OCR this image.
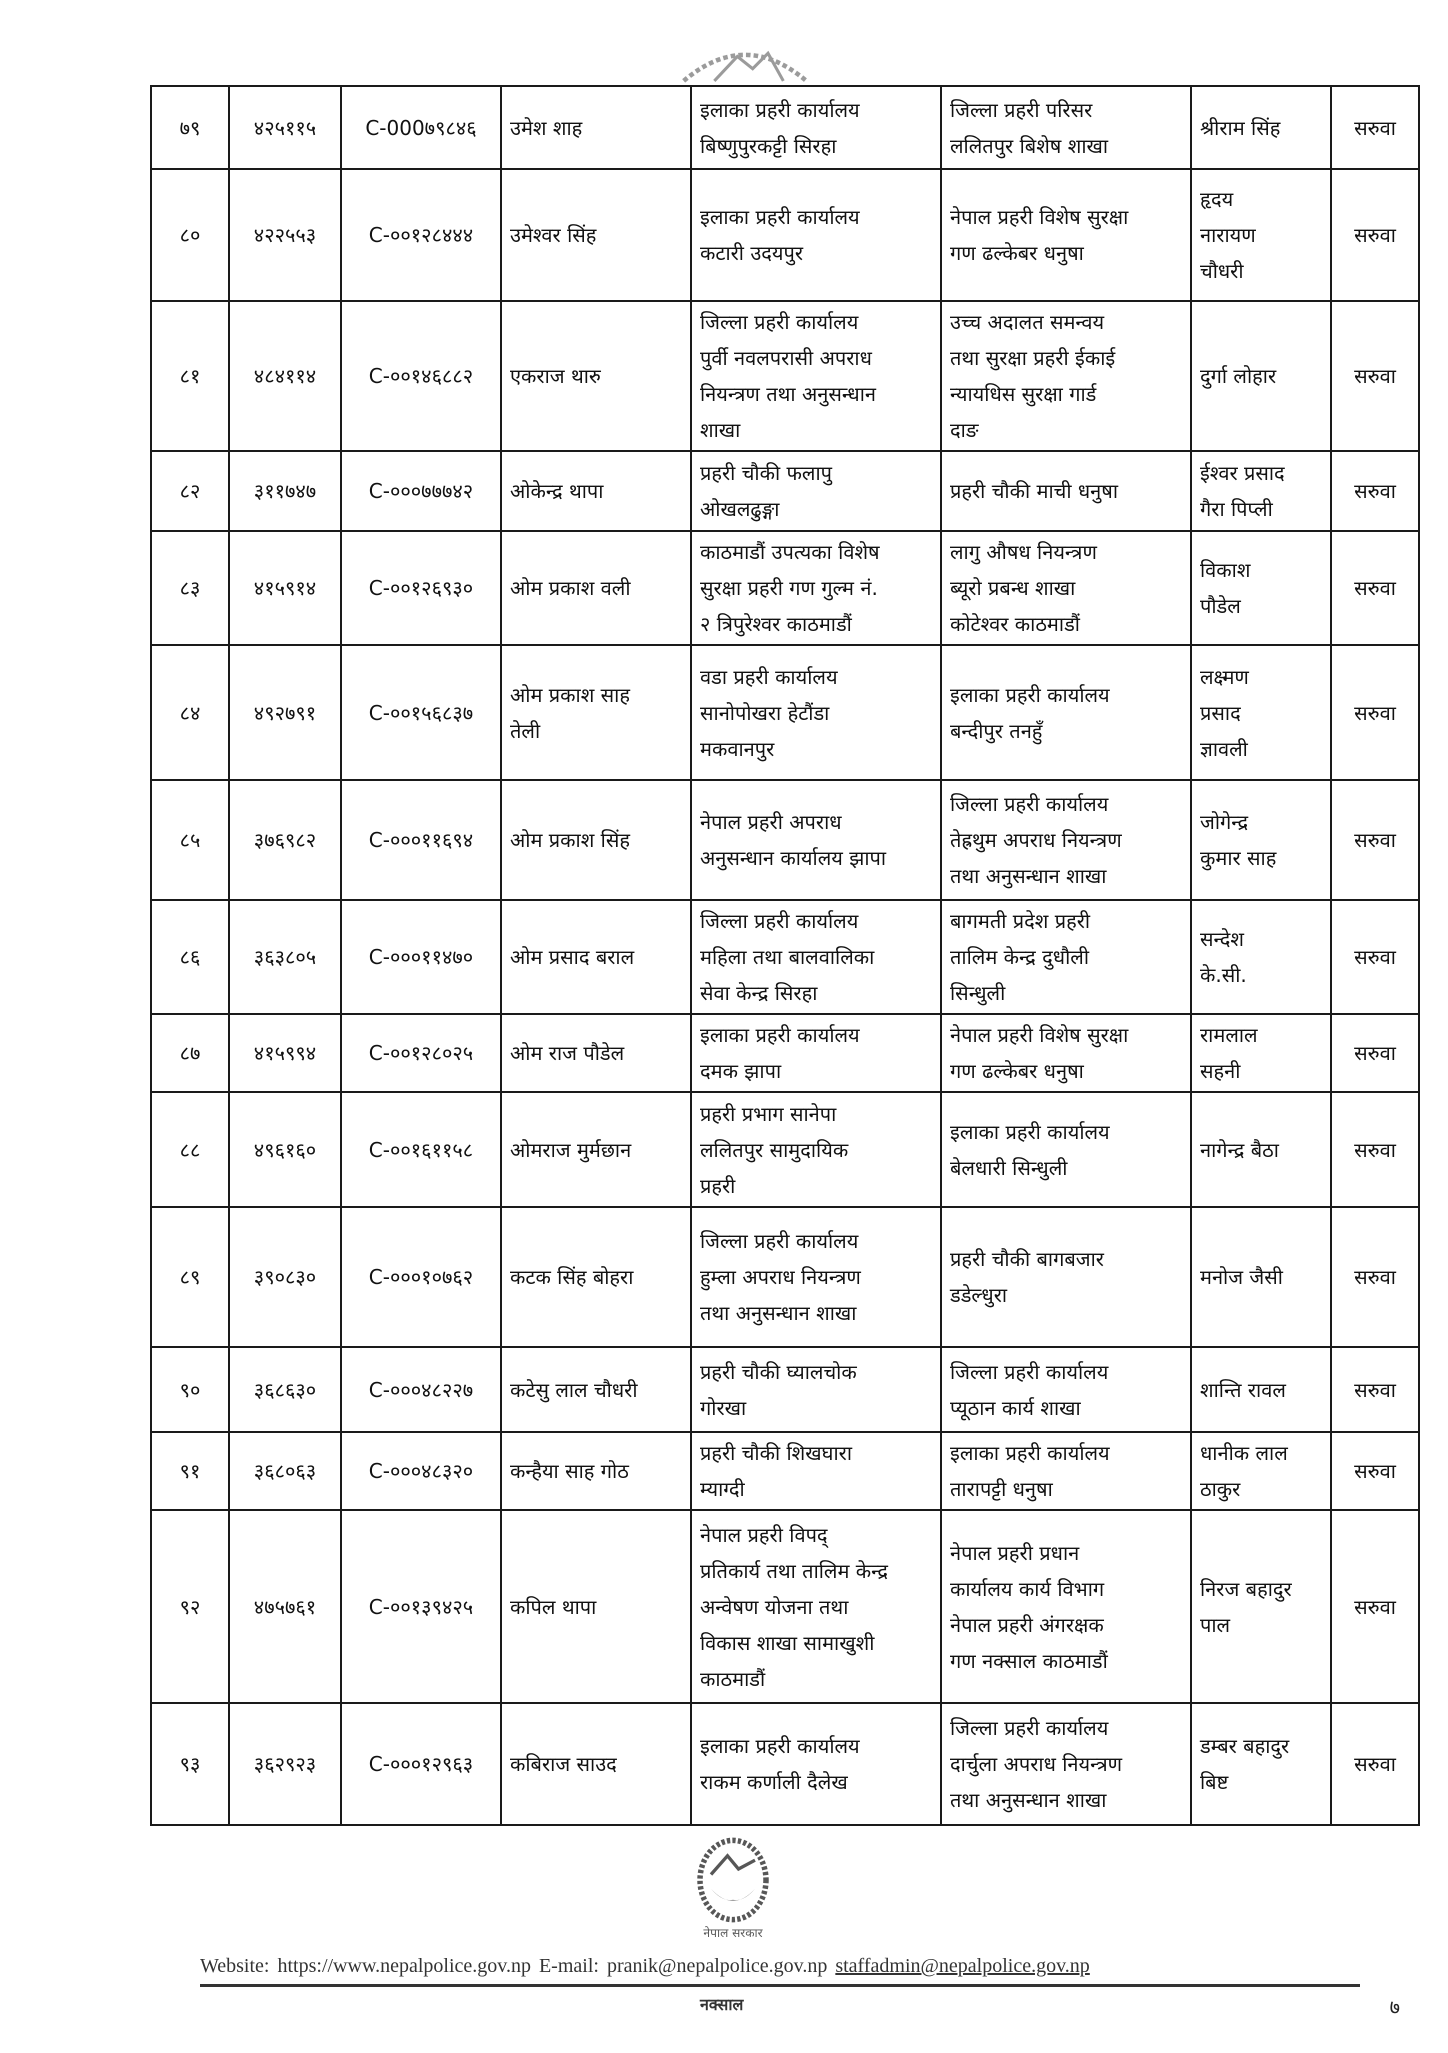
७९	४२५११५	C-000७९८४६	उमेश शाह	इलाका प्रहरी कार्यालय
बिष्णुपुरकट्टी सिरहा	जिल्ला प्रहरी परिसर
ललितपुर बिशेष शाखा	श्रीराम सिंह	सरुवा
८०	४२२५५३	C-००१२८४४४	उमेश्वर सिंह	इलाका प्रहरी कार्यालय
कटारी उदयपुर	नेपाल प्रहरी विशेष सुरक्षा
गण ढल्केबर धनुषा	हृदय
नारायण
चौधरी	सरुवा
८१	४८४११४	C-००१४६८८२	एकराज थारु	जिल्ला प्रहरी कार्यालय
पुर्वी नवलपरासी अपराध
नियन्त्रण तथा अनुसन्धान
शाखा	उच्च अदालत समन्वय
तथा सुरक्षा प्रहरी ईकाई
न्यायधिस सुरक्षा गार्ड
दाङ	दुर्गा लोहार	सरुवा
८२	३११७४७	C-०००७७७४२	ओकेन्द्र थापा	प्रहरी चौकी फलापु
ओखलढुङ्गा	प्रहरी चौकी माची धनुषा	ईश्वर प्रसाद
गैरा पिप्ली	सरुवा
८३	४१५९१४	C-००१२६९३०	ओम प्रकाश वली	काठमाडौं उपत्यका विशेष
सुरक्षा प्रहरी गण गुल्म नं.
२ त्रिपुरेश्वर काठमाडौं	लागु औषध नियन्त्रण
ब्यूरो प्रबन्ध शाखा
कोटेश्वर काठमाडौं	विकाश
पौडेल	सरुवा
८४	४९२७९१	C-००१५६८३७	ओम प्रकाश साह
तेली	वडा प्रहरी कार्यालय
सानोपोखरा हेटौंडा
मकवानपुर	इलाका प्रहरी कार्यालय
बन्दीपुर तनहुँ	लक्ष्मण
प्रसाद
ज्ञावली	सरुवा
८५	३७६९८२	C-०००११६९४	ओम प्रकाश सिंह	नेपाल प्रहरी अपराध
अनुसन्धान कार्यालय झापा	जिल्ला प्रहरी कार्यालय
तेह्रथुम अपराध नियन्त्रण
तथा अनुसन्धान शाखा	जोगेन्द्र
कुमार साह	सरुवा
८६	३६३८०५	C-०००११४७०	ओम प्रसाद बराल	जिल्ला प्रहरी कार्यालय
महिला तथा बालवालिका
सेवा केन्द्र सिरहा	बागमती प्रदेश प्रहरी
तालिम केन्द्र दुधौली
सिन्धुली	सन्देश
के.सी.	सरुवा
८७	४१५९९४	C-००१२८०२५	ओम राज पौडेल	इलाका प्रहरी कार्यालय
दमक झापा	नेपाल प्रहरी विशेष सुरक्षा
गण ढल्केबर धनुषा	रामलाल
सहनी	सरुवा
८८	४९६१६०	C-००१६११५८	ओमराज मुर्मछान	प्रहरी प्रभाग सानेपा
ललितपुर सामुदायिक
प्रहरी	इलाका प्रहरी कार्यालय
बेलधारी सिन्धुली	नागेन्द्र बैठा	सरुवा
८९	३९०८३०	C-०००१०७६२	कटक सिंह बोहरा	जिल्ला प्रहरी कार्यालय
हुम्ला अपराध नियन्त्रण
तथा अनुसन्धान शाखा	प्रहरी चौकी बागबजार
डडेल्धुरा	मनोज जैसी	सरुवा
९०	३६८६३०	C-०००४८२२७	कटेसु लाल चौधरी	प्रहरी चौकी घ्यालचोक
गोरखा	जिल्ला प्रहरी कार्यालय
प्यूठान कार्य शाखा	शान्ति रावल	सरुवा
९१	३६८०६३	C-०००४८३२०	कन्हैया साह गोठ	प्रहरी चौकी शिखघारा
म्याग्दी	इलाका प्रहरी कार्यालय
तारापट्टी धनुषा	धानीक लाल
ठाकुर	सरुवा
९२	४७५७६१	C-००१३९४२५	कपिल थापा	नेपाल प्रहरी विपद्
प्रतिकार्य तथा तालिम केन्द्र
अन्वेषण योजना तथा
विकास शाखा सामाखुशी
काठमाडौं	नेपाल प्रहरी प्रधान
कार्यालय कार्य विभाग
नेपाल प्रहरी अंगरक्षक
गण नक्साल काठमाडौं	निरज बहादुर
पाल	सरुवा
९३	३६२९२३	C-०००१२९६३	कबिराज साउद	इलाका प्रहरी कार्यालय
राकम कर्णाली दैलेख	जिल्ला प्रहरी कार्यालय
दार्चुला अपराध नियन्त्रण
तथा अनुसन्धान शाखा	डम्बर बहादुर
बिष्ट	सरुवा
नेपाल सरकार
Website: https://www.nepalpolice.gov.np E-mail: pranik@nepalpolice.gov.np staffadmin@nepalpolice.gov.np
नक्साल	७
